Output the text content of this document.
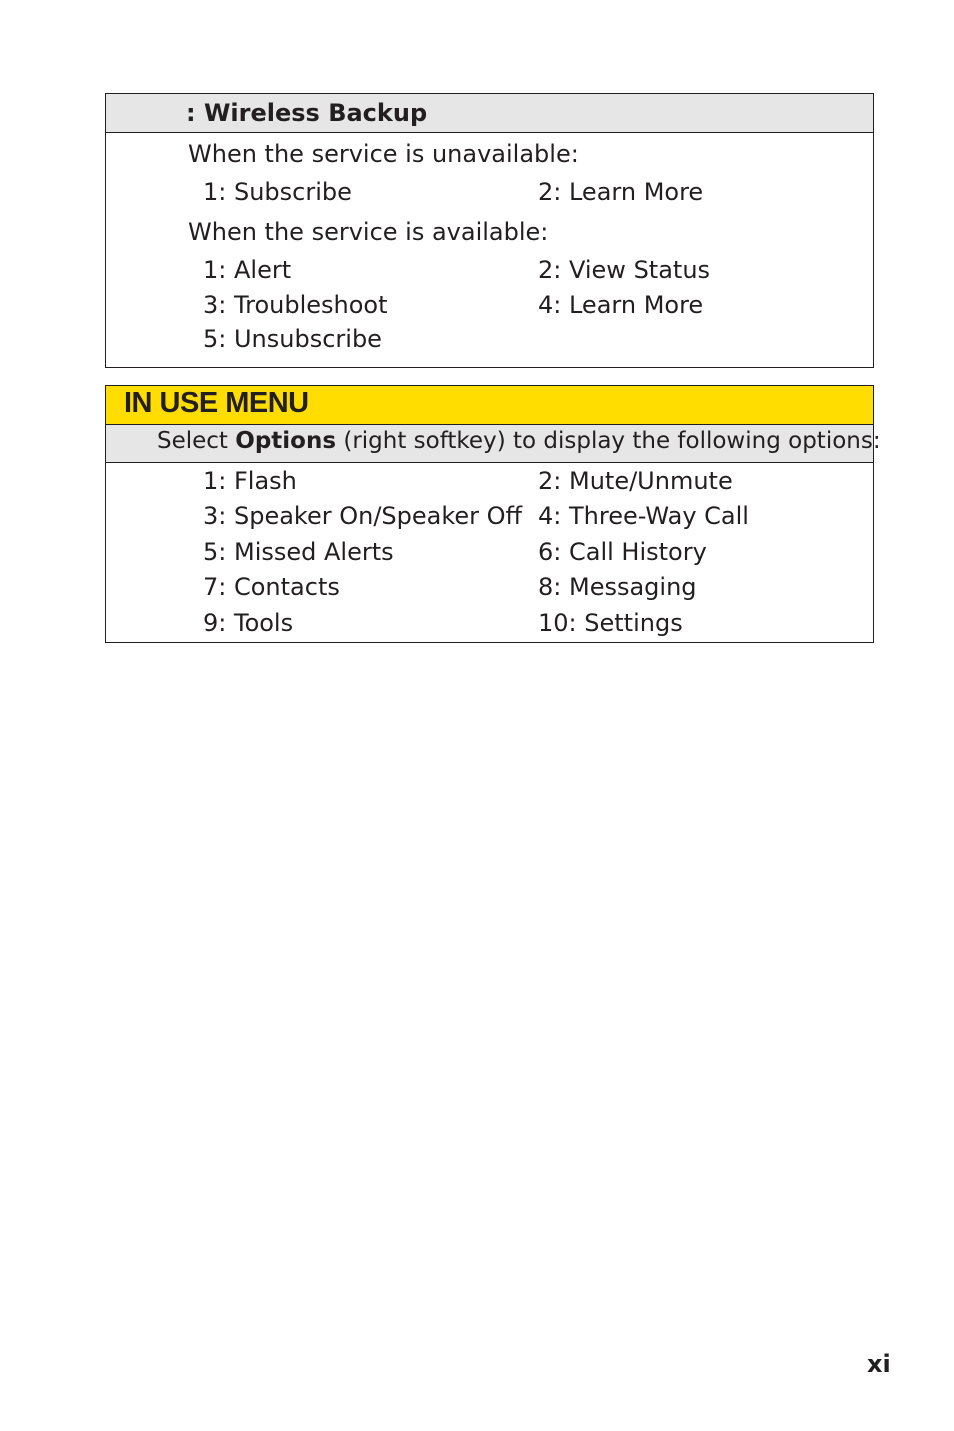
: Wireless Backup
When the service is unavailable:
1: Subscribe	2: Learn More
When the service is available:
1: Alert	2: View Status
3: Troubleshoot	4: Learn More
5: Unsubscribe
IN USE MENU
Select Options (right softkey) to display the following options:
1: Flash	2: Mute/Unmute
3: Speaker On/Speaker Off 4: Three-Way Call
5: Missed Alerts	6: Call History
7: Contacts	8: Messaging
9: Tools	10: Settings
xi
